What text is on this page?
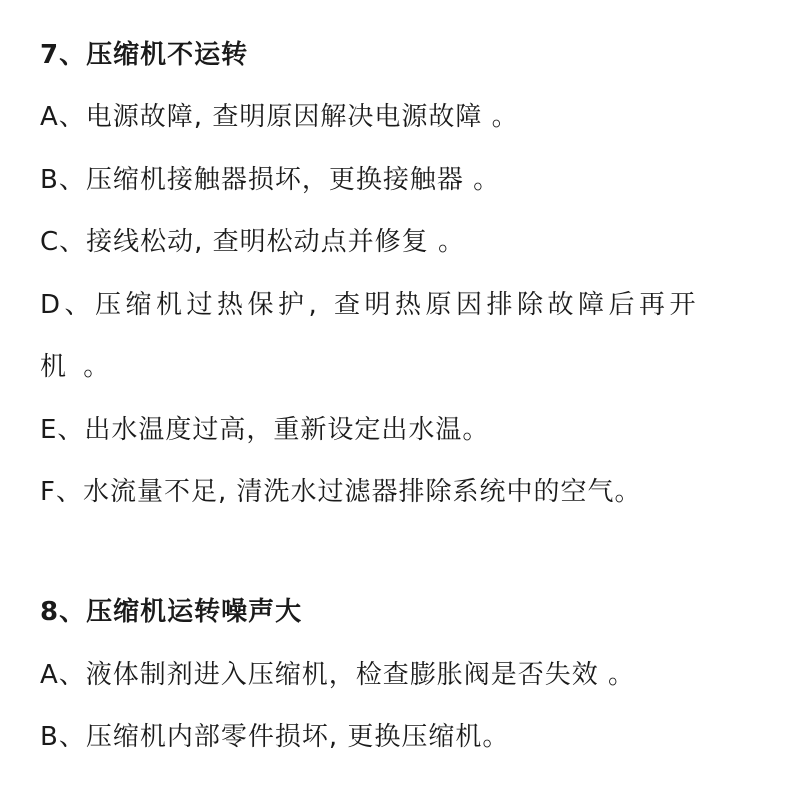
7、压缩机不运转
A、电源故障, 查明原因解决电源故障 。
B、压缩机接触器损坏，更换接触器 。
C、接线松动, 查明松动点并修复 。
D、压缩机过热保护, 查明热原因排除故障后再开
机 。
E、出水温度过高，重新设定出水温。
F、水流量不足, 清洗水过滤器排除系统中的空气。
8、压缩机运转噪声大
A、液体制剂进入压缩机，检查膨胀阀是否失效 。
B、压缩机内部零件损坏, 更换压缩机。
